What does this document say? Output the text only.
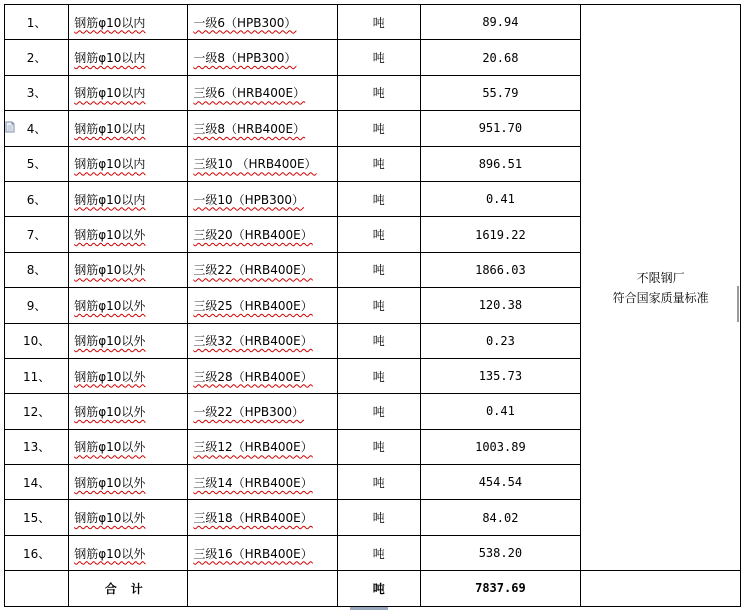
1、	钢筋φ10以内	一级6（HPB300）	吨	89.94	不限钢厂
符合国家质量标准

2、	钢筋φ10以内	一级8（HPB300）	吨	20.68	
3、	钢筋φ10以内	三级6（HRB400E）	吨	55.79	
4、	钢筋φ10以内	三级8（HRB400E）	吨	951.70	
5、	钢筋φ10以内	三级10 （HRB400E）	吨	896.51	
6、	钢筋φ10以内	一级10（HPB300）	吨	0.41	
7、	钢筋φ10以外	三级20（HRB400E）	吨	1619.22	
8、	钢筋φ10以外	三级22（HRB400E）	吨	1866.03	
9、	钢筋φ10以外	三级25（HRB400E）	吨	120.38	
10、	钢筋φ10以外	三级32（HRB400E）	吨	0.23	
11、	钢筋φ10以外	三级28（HRB400E）	吨	135.73	
12、	钢筋φ10以外	一级22（HPB300）	吨	0.41	
13、	钢筋φ10以外	三级12（HRB400E）	吨	1003.89	
14、	钢筋φ10以外	三级14（HRB400E）	吨	454.54	
15、	钢筋φ10以外	三级18（HRB400E）	吨	84.02	
16、	钢筋φ10以外	三级16（HRB400E）	吨	538.20	
	合计		吨	7837.69	
